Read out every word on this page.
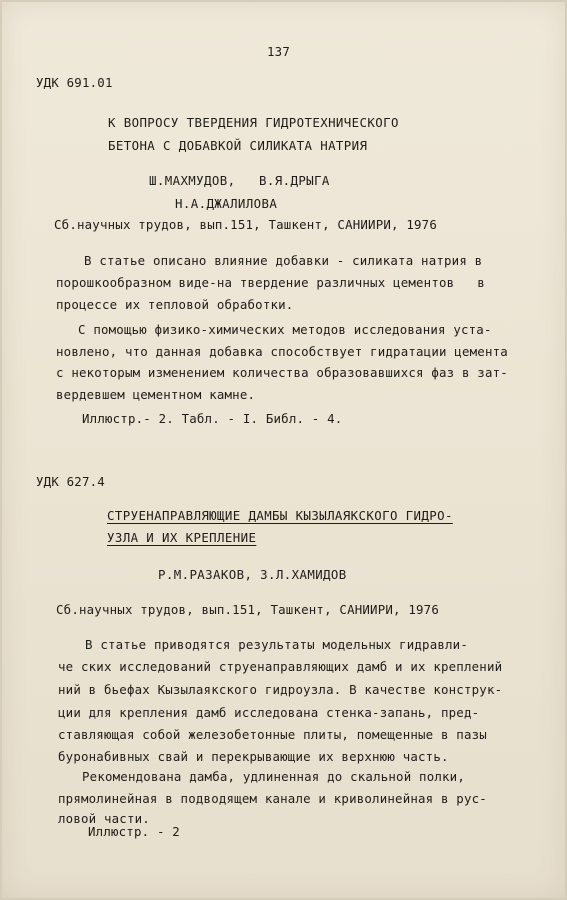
137
УДК 691.01
К ВОПРОСУ ТВЕРДЕНИЯ ГИДРОТЕХНИЧЕСКОГО
БЕТОНА С ДОБАВКОЙ СИЛИКАТА НАТРИЯ
Ш.МАХМУДОВ,   В.Я.ДРЫГА
Н.А.ДЖАЛИЛОВА
Сб.научных трудов, вып.151, Ташкент, САНИИРИ, 1976
В статье описано влияние добавки - силиката натрия в
порошкообразном виде-на твердение различных цементов   в
процессе их тепловой обработки.
С помощью физико-химических методов исследования уста-
новлено, что данная добавка способствует гидратации цемента
с некоторым изменением количества образовавшихся фаз в зат-
вердевшем цементном камне.
Иллюстр.- 2. Табл. - I. Библ. - 4.
УДК 627.4
СТРУЕНАПРАВЛЯЮЩИЕ ДАМБЫ КЫЗЫЛАЯКСКОГО ГИДРО-
УЗЛА И ИХ КРЕПЛЕНИЕ
Р.М.РАЗАКОВ, З.Л.ХАМИДОВ
Сб.научных трудов, вып.151, Ташкент, САНИИРИ, 1976
В статье приводятся результаты модельных гидравли-
че ских исследований струенаправляющих дамб и их креплений
ний в бьефах Кызылаякского гидроузла. В качестве конструк-
ции для крепления дамб исследована стенка-запань, пред-
ставляющая собой железобетонные плиты, помещенные в пазы
буронабивных свай и перекрывающие их верхнюю часть.
Рекомендована дамба, удлиненная до скальной полки,
прямолинейная в подводящем канале и криволинейная в рус-
ловой части.
Иллюстр. - 2
